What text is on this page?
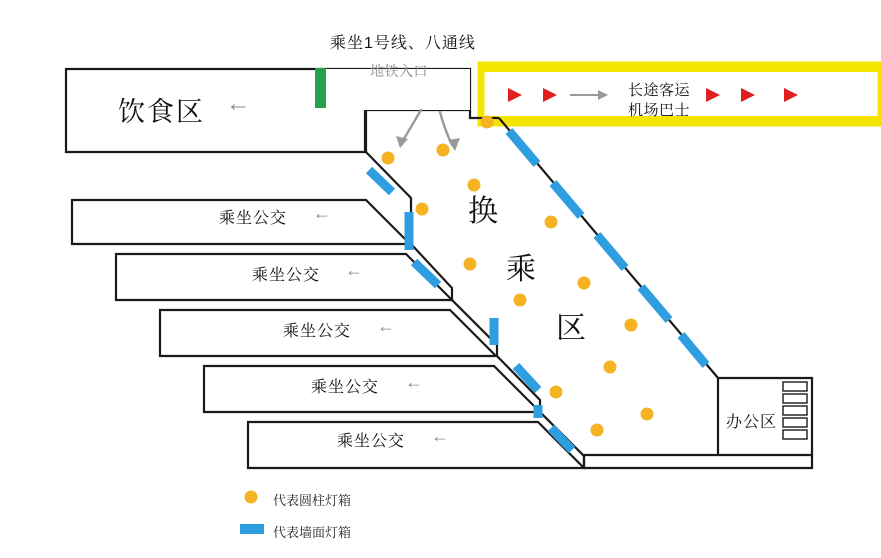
乘坐1号线、八通线
地铁入口
饮食区 ←	长途客运
机场巴士
乘坐公交 ←
乘坐公交 ←
乘坐公交 ←
乘坐公交 ←
乘坐公交 ←
换
乘
区
办公区
代表圆柱灯箱
代表墙面灯箱
